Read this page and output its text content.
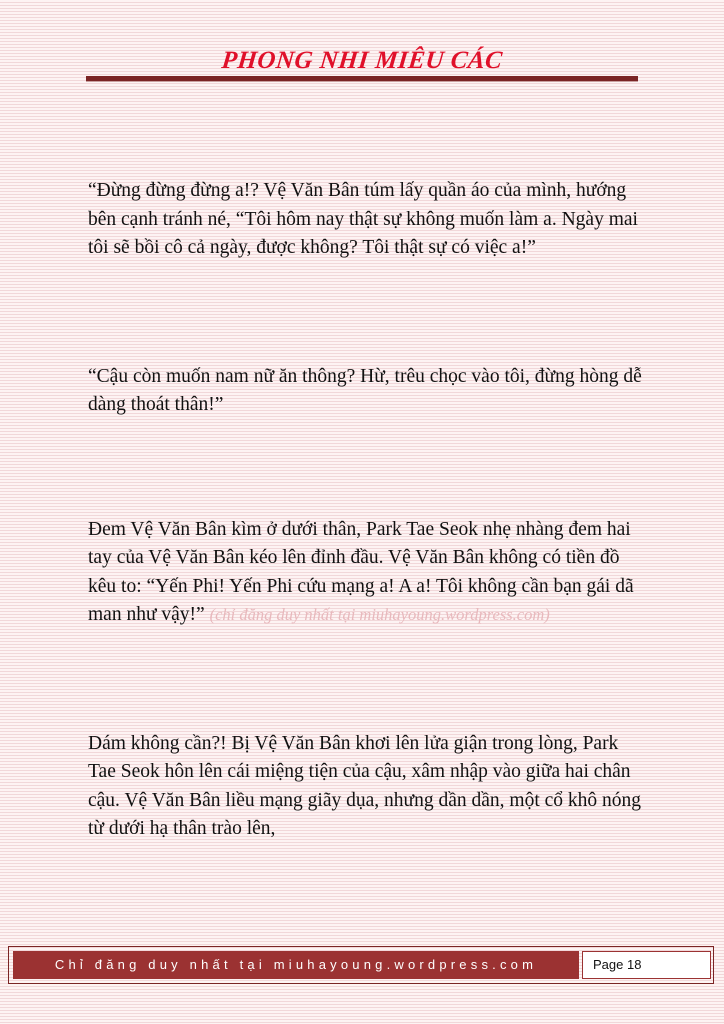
PHONG NHI MIÊU CÁC

“Đừng đừng đừng a!? Vệ Văn Bân túm lấy quần áo của mình, hướng bên cạnh tránh né, “Tôi hôm nay thật sự không muốn làm a. Ngày mai tôi sẽ bồi cô cả ngày, được không? Tôi thật sự có việc a!”

“Cậu còn muốn nam nữ ăn thông? Hừ, trêu chọc vào tôi, đừng hòng dễ dàng thoát thân!”

Đem Vệ Văn Bân kìm ở dưới thân, Park Tae Seok nhẹ nhàng đem hai tay của Vệ Văn Bân kéo lên đỉnh đầu. Vệ Văn Bân không có tiền đồ kêu to: “Yến Phi! Yến Phi cứu mạng a! A a! Tôi không cần bạn gái dã man như vậy!” (chỉ đăng duy nhất tại miuhayoung.wordpress.com)

Dám không cần?! Bị Vệ Văn Bân khơi lên lửa giận trong lòng, Park Tae Seok hôn lên cái miệng tiện của cậu, xâm nhập vào giữa hai chân cậu. Vệ Văn Bân liều mạng giãy dụa, nhưng dần dần, một cổ khô nóng từ dưới hạ thân trào lên,

Chỉ đăng duy nhất tại miuhayoung.wordpress.com	Page 18
